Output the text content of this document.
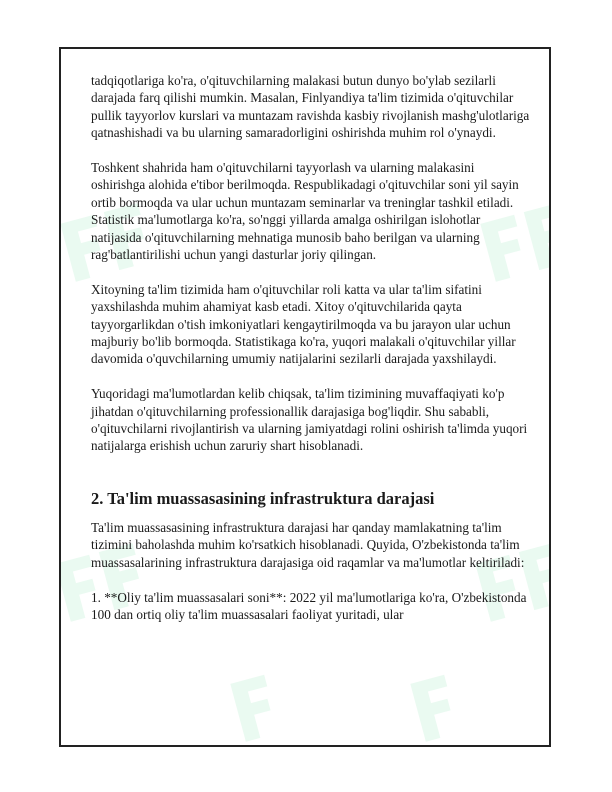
tadqiqotlariga ko'ra, o'qituvchilarning malakasi butun dunyo bo'ylab sezilarli darajada farq qilishi mumkin. Masalan, Finlyandiya ta'lim tizimida o'qituvchilar pullik tayyorlov kurslari va muntazam ravishda kasbiy rivojlanish mashg'ulotlariga qatnashishadi va bu ularning samaradorligini oshirishda muhim rol o'ynaydi.

Toshkent shahrida ham o'qituvchilarni tayyorlash va ularning malakasini oshirishga alohida e'tibor berilmoqda. Respublikadagi o'qituvchilar soni yil sayin ortib bormoqda va ular uchun muntazam seminarlar va treninglar tashkil etiladi. Statistik ma'lumotlarga ko'ra, so'nggi yillarda amalga oshirilgan islohotlar natijasida o'qituvchilarning mehnatiga munosib baho berilgan va ularning rag'batlantirilishi uchun yangi dasturlar joriy qilingan.

Xitoyning ta'lim tizimida ham o'qituvchilar roli katta va ular ta'lim sifatini yaxshilashda muhim ahamiyat kasb etadi. Xitoy o'qituvchilarida qayta tayyorgarlikdan o'tish imkoniyatlari kengaytirilmoqda va bu jarayon ular uchun majburiy bo'lib bormoqda. Statistikaga ko'ra, yuqori malakali o'qituvchilar yillar davomida o'quvchilarning umumiy natijalarini sezilarli darajada yaxshilaydi.

Yuqoridagi ma'lumotlardan kelib chiqsak, ta'lim tizimining muvaffaqiyati ko'p jihatdan o'qituvchilarning professionallik darajasiga bog'liqdir. Shu sababli, o'qituvchilarni rivojlantirish va ularning jamiyatdagi rolini oshirish ta'limda yuqori natijalarga erishish uchun zaruriy shart hisoblanadi.

2. Ta'lim muassasasining infrastruktura darajasi

Ta'lim muassasasining infrastruktura darajasi har qanday mamlakatning ta'lim tizimini baholashda muhim ko'rsatkich hisoblanadi. Quyida, O'zbekistonda ta'lim muassasalarining infrastruktura darajasiga oid raqamlar va ma'lumotlar keltiriladi:

1. **Oliy ta'lim muassasalari soni**: 2022 yil ma'lumotlariga ko'ra, O'zbekistonda 100 dan ortiq oliy ta'lim muassasalari faoliyat yuritadi, ular
